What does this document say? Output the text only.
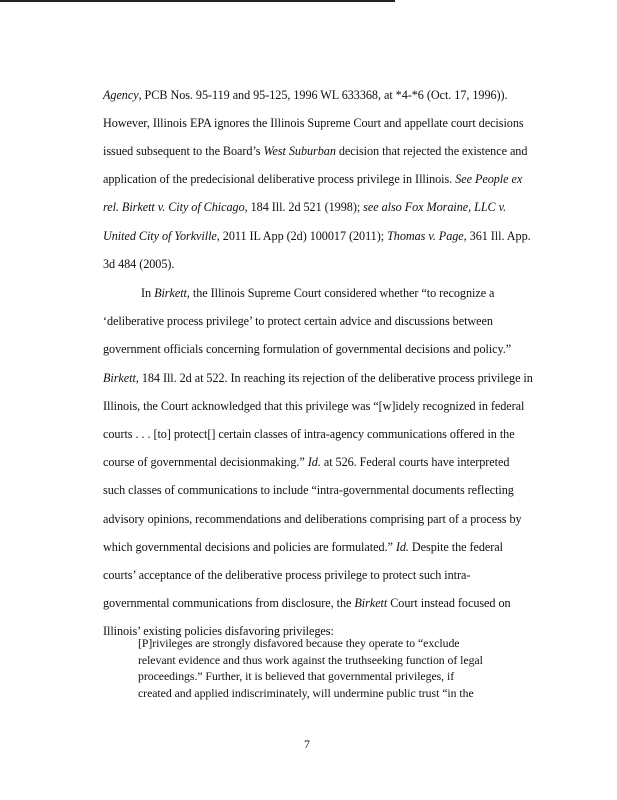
Agency, PCB Nos. 95-119 and 95-125, 1996 WL 633368, at *4-*6 (Oct. 17, 1996)).
However, Illinois EPA ignores the Illinois Supreme Court and appellate court decisions
issued subsequent to the Board’s West Suburban decision that rejected the existence and
application of the predecisional deliberative process privilege in Illinois. See People ex
rel. Birkett v. City of Chicago, 184 Ill. 2d 521 (1998); see also Fox Moraine, LLC v.
United City of Yorkville, 2011 IL App (2d) 100017 (2011); Thomas v. Page, 361 Ill. App.
3d 484 (2005).
In Birkett, the Illinois Supreme Court considered whether “to recognize a
‘deliberative process privilege’ to protect certain advice and discussions between
government officials concerning formulation of governmental decisions and policy.”
Birkett, 184 Ill. 2d at 522. In reaching its rejection of the deliberative process privilege in
Illinois, the Court acknowledged that this privilege was “[w]idely recognized in federal
courts . . . [to] protect[] certain classes of intra-agency communications offered in the
course of governmental decisionmaking.” Id. at 526. Federal courts have interpreted
such classes of communications to include “intra-governmental documents reflecting
advisory opinions, recommendations and deliberations comprising part of a process by
which governmental decisions and policies are formulated.” Id. Despite the federal
courts’ acceptance of the deliberative process privilege to protect such intra-
governmental communications from disclosure, the Birkett Court instead focused on
Illinois’ existing policies disfavoring privileges:
[P]rivileges are strongly disfavored because they operate to “exclude
relevant evidence and thus work against the truthseeking function of legal
proceedings.” Further, it is believed that governmental privileges, if
created and applied indiscriminately, will undermine public trust “in the
7
